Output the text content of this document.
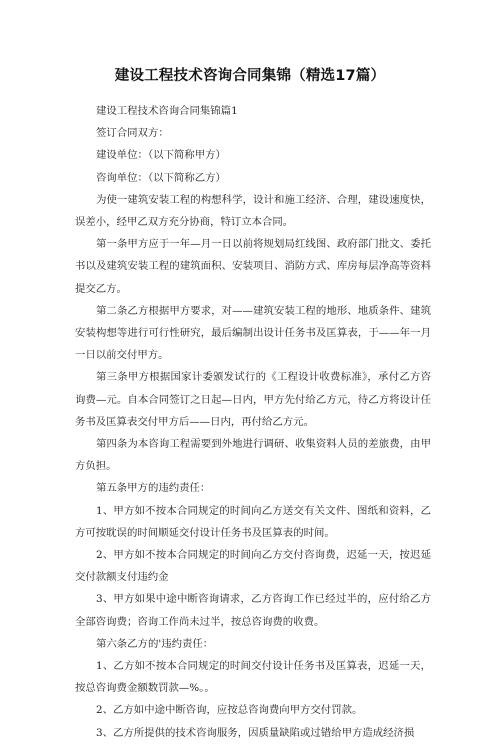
建设工程技术咨询合同集锦（精选17篇）

建设工程技术咨询合同集锦篇1

签订合同双方：

建设单位：（以下简称甲方）

咨询单位：（以下简称乙方）

为使一建筑安装工程的构想科学，设计和施工经济、合理，建设速度快，误差小，经甲乙双方充分协商，特订立本合同。

第一条甲方应于一年—月一日以前将规划局红线图、政府部门批文、委托书以及建筑安装工程的建筑面积、安装项目、消防方式、库房每层净高等资料提交乙方。

第二条乙方根据甲方要求，对——建筑安装工程的地形、地质条件、建筑安装构想等进行可行性研究，最后编制出设计任务书及匡算表，于——年一月一日以前交付甲方。

第三条甲方根据国家计委颁发试行的《工程设计收费标准》，承付乙方咨询费—元。自本合同签订之日起—日内，甲方先付给乙方元，待乙方将设计任务书及匡算表交付甲方后——日内，再付给乙方元。

第四条为本咨询工程需要到外地进行调研、收集资料人员的差旅费，由甲方负担。

第五条甲方的违约责任：

1、甲方如不按本合同规定的时间向乙方送交有关文件、图纸和资料，乙方可按耽误的时间顺延交付设计任务书及匡算表的时间。

2、甲方如不按本合同规定的时间向乙方交付咨询费，迟延一天，按迟延交付款额支付违约金

3、甲方如果中途中断咨询请求，乙方咨询工作已经过半的，应付给乙方全部咨询费；咨询工作尚未过半，按总咨询费的收费。

第六条乙方的'违约责任：

1、乙方如不按本合同规定的时间交付设计任务书及匡算表，迟延一天，按总咨询费金额数罚款—%。。

2、乙方如中途中断咨询，应按总咨询费向甲方交付罚款。

3、乙方所提供的技术咨询服务，因质量缺陷或过错给甲方造成经济损
